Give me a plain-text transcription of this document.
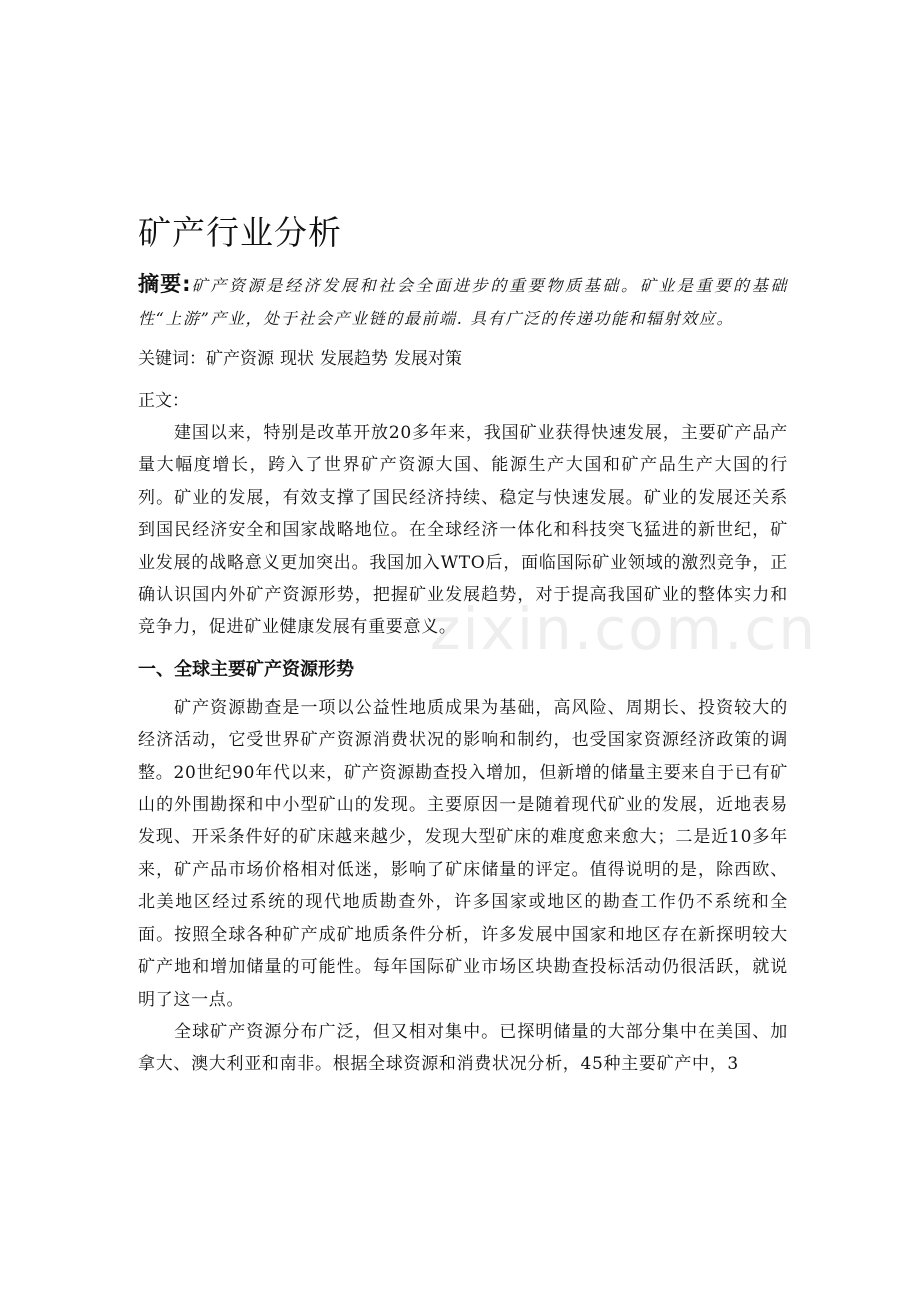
zixin.com.cn
矿产行业分析

摘要:矿产资源是经济发展和社会全面进步的重要物质基础。矿业是重要的基础性“上游”产业，处于社会产业链的最前端. 具有广泛的传递功能和辐射效应。

关键词：矿产资源 现状 发展趋势 发展对策

正文：

建国以来，特别是改革开放20多年来，我国矿业获得快速发展，主要矿产品产量大幅度增长，跨入了世界矿产资源大国、能源生产大国和矿产品生产大国的行列。矿业的发展，有效支撑了国民经济持续、稳定与快速发展。矿业的发展还关系到国民经济安全和国家战略地位。在全球经济一体化和科技突飞猛进的新世纪，矿业发展的战略意义更加突出。我国加入WTO后，面临国际矿业领域的激烈竞争，正确认识国内外矿产资源形势，把握矿业发展趋势，对于提高我国矿业的整体实力和竞争力，促进矿业健康发展有重要意义。

一、全球主要矿产资源形势

矿产资源勘查是一项以公益性地质成果为基础，高风险、周期长、投资较大的经济活动，它受世界矿产资源消费状况的影响和制约，也受国家资源经济政策的调整。20世纪90年代以来，矿产资源勘查投入增加，但新增的储量主要来自于已有矿山的外围勘探和中小型矿山的发现。主要原因一是随着现代矿业的发展，近地表易发现、开采条件好的矿床越来越少，发现大型矿床的难度愈来愈大；二是近10多年来，矿产品市场价格相对低迷，影响了矿床储量的评定。值得说明的是，除西欧、北美地区经过系统的现代地质勘查外，许多国家或地区的勘查工作仍不系统和全面。按照全球各种矿产成矿地质条件分析，许多发展中国家和地区存在新探明较大矿产地和增加储量的可能性。每年国际矿业市场区块勘查投标活动仍很活跃，就说明了这一点。

全球矿产资源分布广泛，但又相对集中。已探明储量的大部分集中在美国、加拿大、澳大利亚和南非。根据全球资源和消费状况分析，45种主要矿产中，3
